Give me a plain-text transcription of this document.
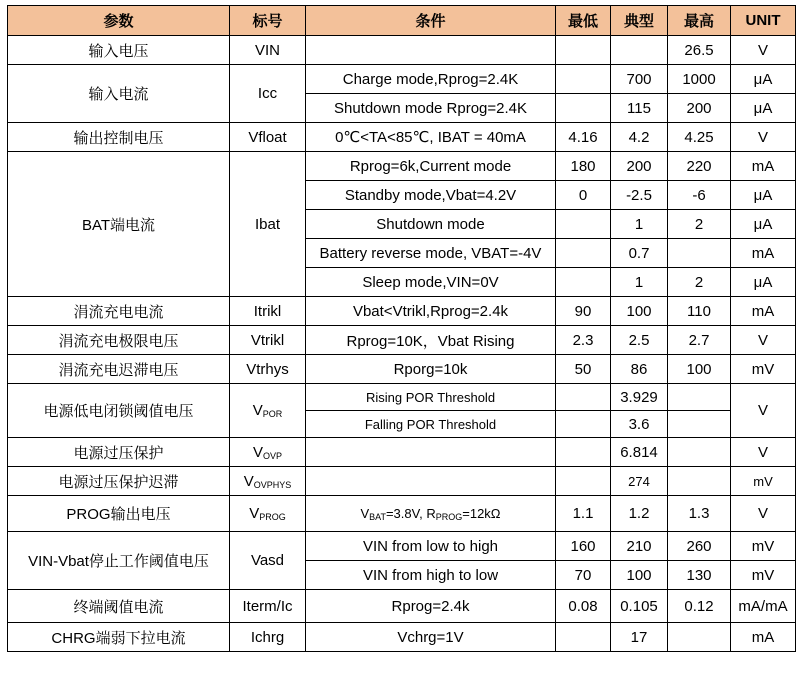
参数	标号	条件	最低	典型	最高	UNIT
输入电压	VIN				26.5	V
输入电流	Icc	Charge mode,Rprog=2.4K		700	1000	μA
		Shutdown mode Rprog=2.4K		115	200	μA
输出控制电压	Vfloat	0℃<TA<85℃, IBAT = 40mA	4.16	4.2	4.25	V
BAT端电流	Ibat	Rprog=6k,Current mode	180	200	220	mA
		Standby mode,Vbat=4.2V	0	-2.5	-6	μA
		Shutdown mode		1	2	μA
		Battery reverse mode, VBAT=-4V		0.7		mA
		Sleep mode,VIN=0V		1	2	μA
涓流充电电流	Itrikl	Vbat<Vtrikl,Rprog=2.4k	90	100	110	mA
涓流充电极限电压	Vtrikl	Rprog=10K，Vbat Rising	2.3	2.5	2.7	V
涓流充电迟滞电压	Vtrhys	Rporg=10k	50	86	100	mV
电源低电闭锁阈值电压	$V_{POR}$	Rising POR Threshold		3.929		V
		Falling POR Threshold		3.6		
电源过压保护	$V_{OVP}$			6.814		V
电源过压保护迟滞	$V_{OVPHYS}$			274		mV
PROG输出电压	$V_{PROG}$	$V_{BAT}=3.8V$, $R_{PROG}=12k\Omega$	1.1	1.2	1.3	V
VIN-Vbat停止工作阈值电压	Vasd	VIN from low to high	160	210	260	mV
		VIN from high to low	70	100	130	mV
终端阈值电流	Iterm/Ic	Rprog=2.4k	0.08	0.105	0.12	mA/mA
CHRG端弱下拉电流	Ichrg	Vchrg=1V		17		mA
